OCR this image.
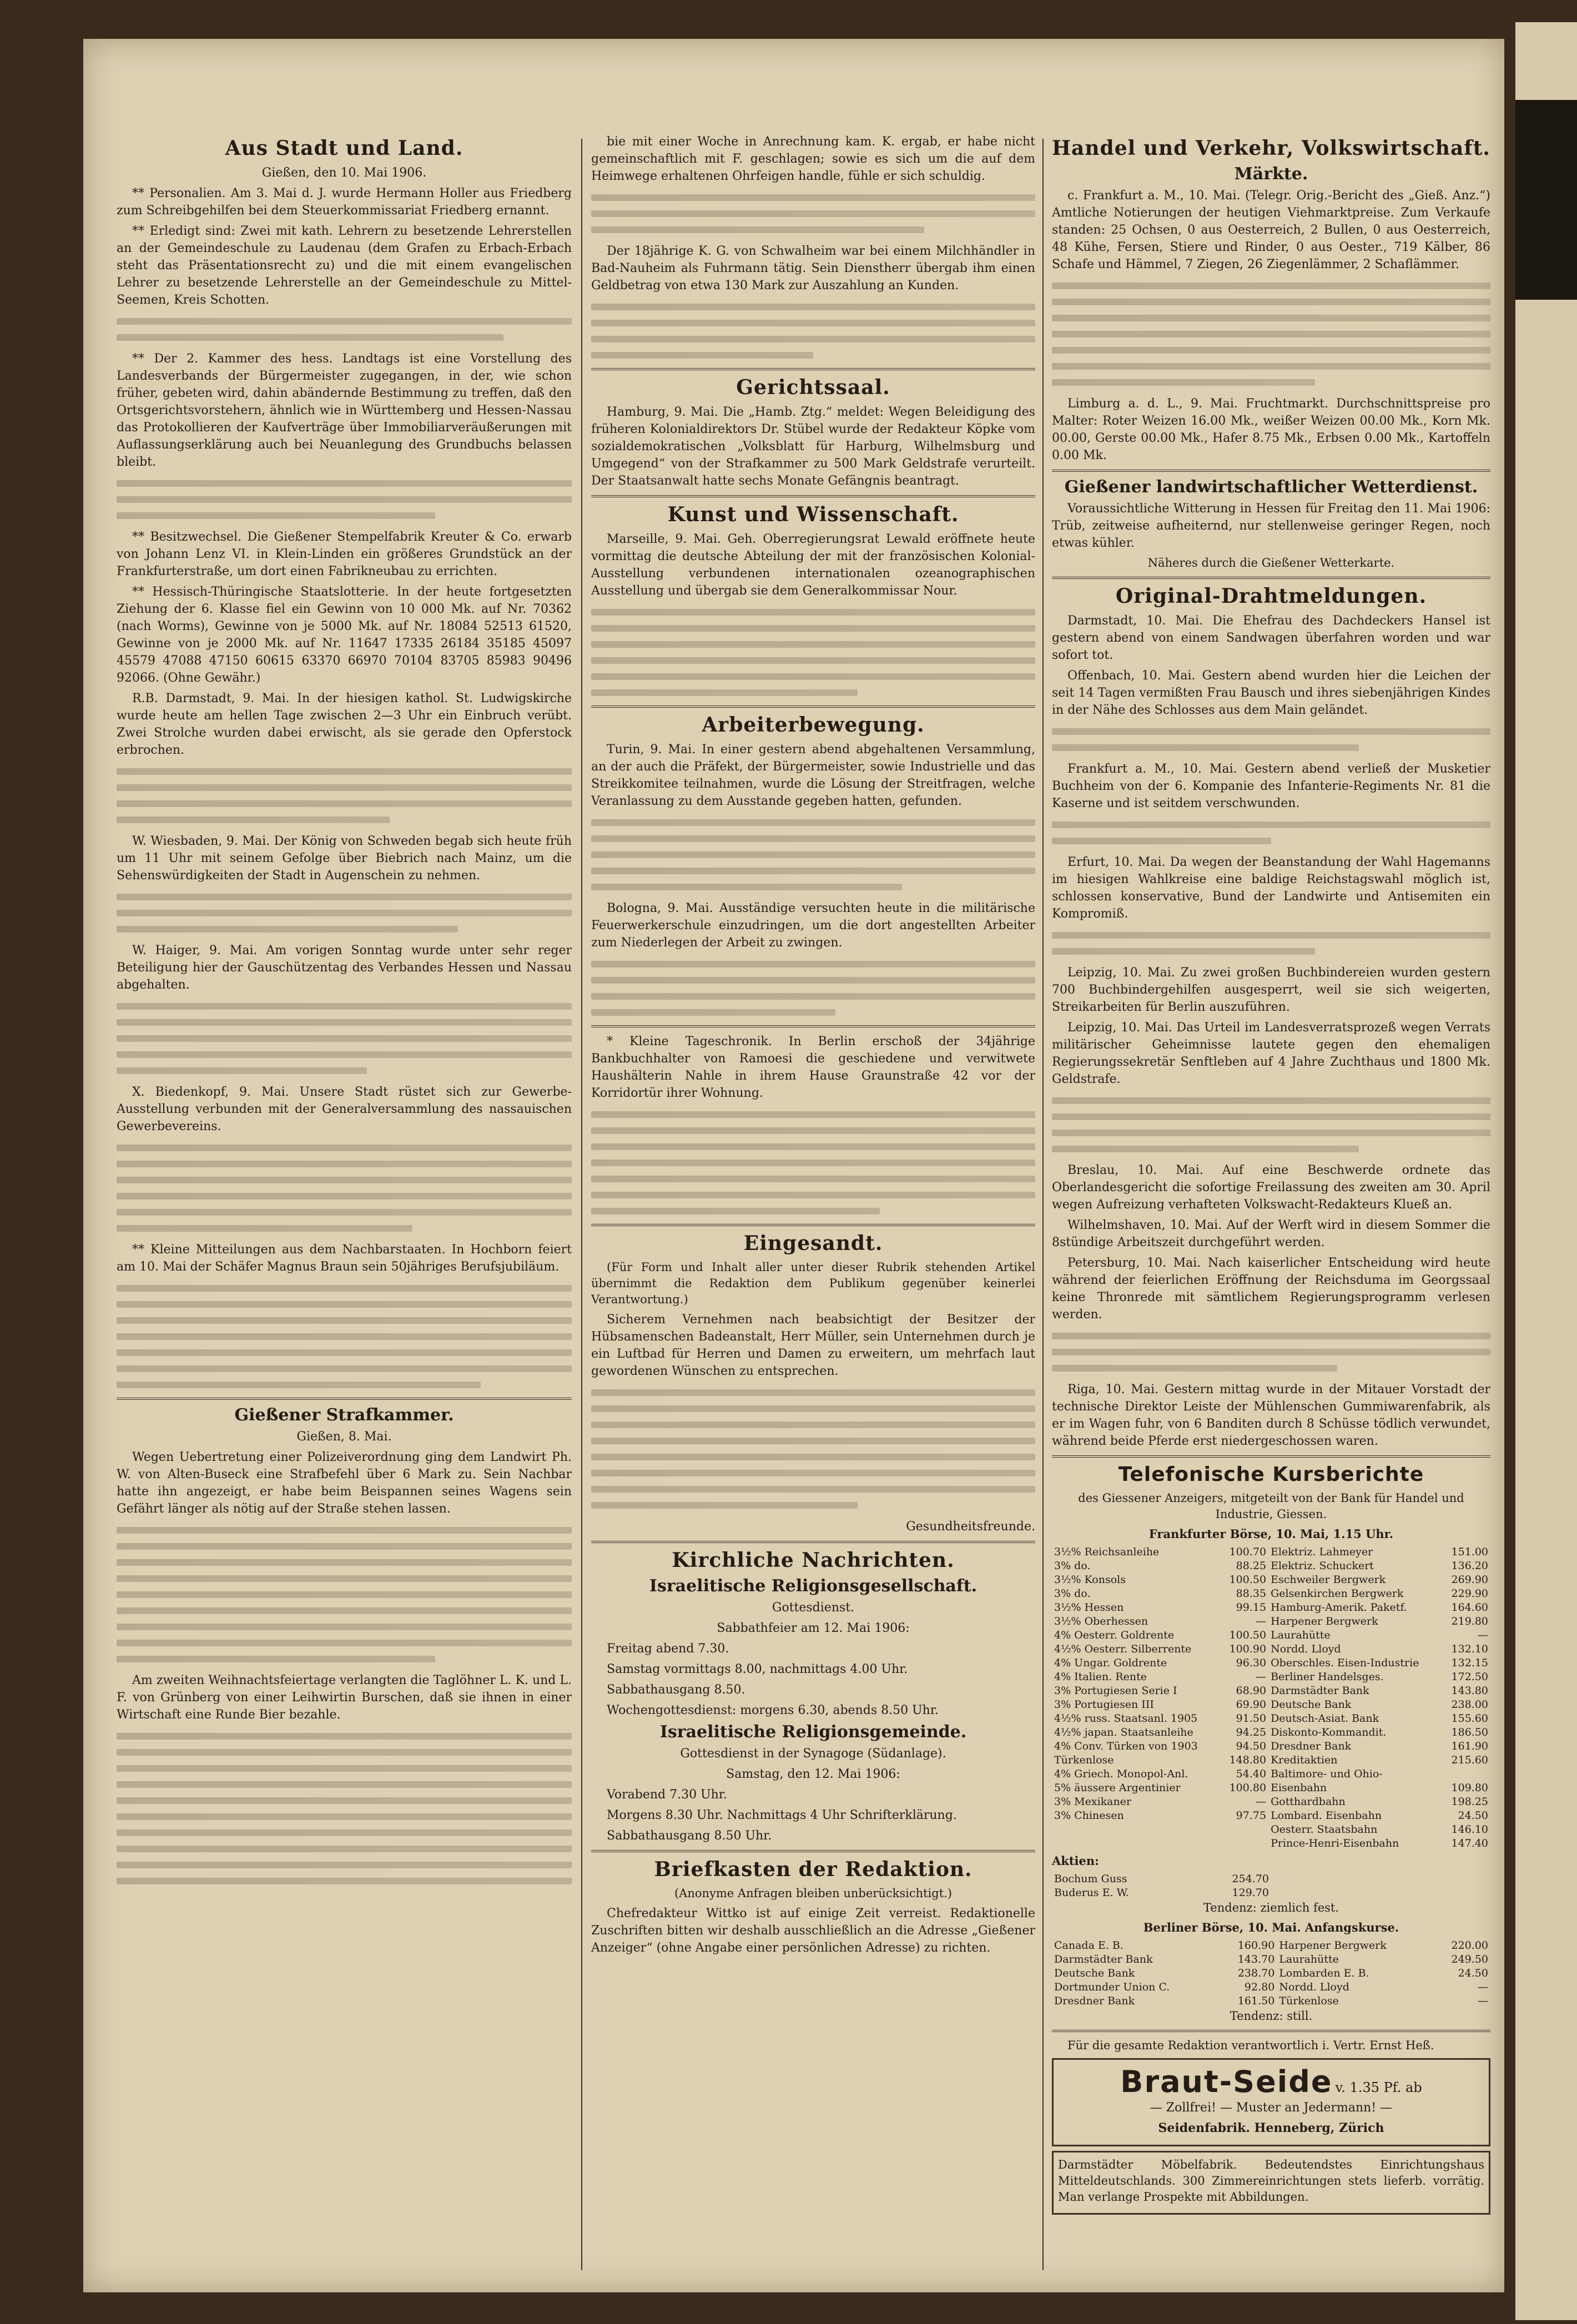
Aus Stadt und Land.

Gießen, den 10. Mai 1906.

** Personalien. Am 3. Mai d. J. wurde Hermann Holler aus Friedberg zum Schreibgehilfen bei dem Steuerkommissariat Friedberg ernannt.

** Erledigt sind: Zwei mit kath. Lehrern zu besetzende Lehrerstellen an der Gemeindeschule zu Laudenau (dem Grafen zu Erbach-Erbach steht das Präsentationsrecht zu) und die mit einem evangelischen Lehrer zu besetzende Lehrerstelle an der Gemeindeschule zu Mittel-Seemen, Kreis Schotten.

** Der 2. Kammer des hess. Landtags ist eine Vorstellung des Landesverbands der Bürgermeister zugegangen, in der, wie schon früher, gebeten wird, dahin abändernde Bestimmung zu treffen, daß den Ortsgerichtsvorstehern, ähnlich wie in Württemberg und Hessen-Nassau das Protokollieren der Kaufverträge über Immobiliarveräußerungen mit Auflassungserklärung auch bei Neuanlegung des Grundbuchs belassen bleibt.

** Besitzwechsel. Die Gießener Stempelfabrik Kreuter & Co. erwarb von Johann Lenz VI. in Klein-Linden ein größeres Grundstück an der Frankfurterstraße, um dort einen Fabrikneubau zu errichten.

** Hessisch-Thüringische Staatslotterie. In der heute fortgesetzten Ziehung der 6. Klasse fiel ein Gewinn von 10 000 Mk. auf Nr. 70362 (nach Worms), Gewinne von je 5000 Mk. auf Nr. 18084 52513 61520, Gewinne von je 2000 Mk. auf Nr. 11647 17335 26184 35185 45097 45579 47088 47150 60615 63370 66970 70104 83705 85983 90496 92066. (Ohne Gewähr.)

R.B. Darmstadt, 9. Mai. In der hiesigen kathol. St. Ludwigskirche wurde heute am hellen Tage zwischen 2—3 Uhr ein Einbruch verübt. Zwei Strolche wurden dabei erwischt, als sie gerade den Opferstock erbrochen.

W. Wiesbaden, 9. Mai. Der König von Schweden begab sich heute früh um 11 Uhr mit seinem Gefolge über Biebrich nach Mainz, um die Sehenswürdigkeiten der Stadt in Augenschein zu nehmen.

W. Haiger, 9. Mai. Am vorigen Sonntag wurde unter sehr reger Beteiligung hier der Gauschützentag des Verbandes Hessen und Nassau abgehalten.

X. Biedenkopf, 9. Mai. Unsere Stadt rüstet sich zur Gewerbe-Ausstellung verbunden mit der Generalversammlung des nassauischen Gewerbevereins.

** Kleine Mitteilungen aus dem Nachbarstaaten. In Hochborn feiert am 10. Mai der Schäfer Magnus Braun sein 50jähriges Berufsjubiläum.

Gießener Strafkammer.

Gießen, 8. Mai.

Wegen Uebertretung einer Polizeiverordnung ging dem Landwirt Ph. W. von Alten-Buseck eine Strafbefehl über 6 Mark zu. Sein Nachbar hatte ihn angezeigt, er habe beim Beispannen seines Wagens sein Gefährt länger als nötig auf der Straße stehen lassen.

Am zweiten Weihnachtsfeiertage verlangten die Taglöhner L. K. und L. F. von Grünberg von einer Leihwirtin Burschen, daß sie ihnen in einer Wirtschaft eine Runde Bier bezahle.

bie mit einer Woche in Anrechnung kam. K. ergab, er habe nicht gemeinschaftlich mit F. geschlagen; sowie es sich um die auf dem Heimwege erhaltenen Ohrfeigen handle, fühle er sich schuldig.

Der 18jährige K. G. von Schwalheim war bei einem Milchhändler in Bad-Nauheim als Fuhrmann tätig. Sein Dienstherr übergab ihm einen Geldbetrag von etwa 130 Mark zur Auszahlung an Kunden.

Gerichtssaal.

Hamburg, 9. Mai. Die „Hamb. Ztg.“ meldet: Wegen Beleidigung des früheren Kolonialdirektors Dr. Stübel wurde der Redakteur Köpke vom sozialdemokratischen „Volksblatt für Harburg, Wilhelmsburg und Umgegend“ von der Strafkammer zu 500 Mark Geldstrafe verurteilt. Der Staatsanwalt hatte sechs Monate Gefängnis beantragt.

Kunst und Wissenschaft.

Marseille, 9. Mai. Geh. Oberregierungsrat Lewald eröffnete heute vormittag die deutsche Abteilung der mit der französischen Kolonial-Ausstellung verbundenen internationalen ozeanographischen Ausstellung und übergab sie dem Generalkommissar Nour.

Arbeiterbewegung.

Turin, 9. Mai. In einer gestern abend abgehaltenen Versammlung, an der auch die Präfekt, der Bürgermeister, sowie Industrielle und das Streikkomitee teilnahmen, wurde die Lösung der Streitfragen, welche Veranlassung zu dem Ausstande gegeben hatten, gefunden.

Bologna, 9. Mai. Ausständige versuchten heute in die militärische Feuerwerkerschule einzudringen, um die dort angestellten Arbeiter zum Niederlegen der Arbeit zu zwingen.

* Kleine Tageschronik. In Berlin erschoß der 34jährige Bankbuchhalter von Ramoesi die geschiedene und verwitwete Haushälterin Nahle in ihrem Hause Graunstraße 42 vor der Korridortür ihrer Wohnung.

Eingesandt.

(Für Form und Inhalt aller unter dieser Rubrik stehenden Artikel übernimmt die Redaktion dem Publikum gegenüber keinerlei Verantwortung.)

Sicherem Vernehmen nach beabsichtigt der Besitzer der Hübsamenschen Badeanstalt, Herr Müller, sein Unternehmen durch je ein Luftbad für Herren und Damen zu erweitern, um mehrfach laut gewordenen Wünschen zu entsprechen.

Gesundheitsfreunde.

Kirchliche Nachrichten.
Israelitische Religionsgesellschaft.

Gottesdienst.

Sabbathfeier am 12. Mai 1906:

Freitag abend 7.30.

Samstag vormittags 8.00, nachmittags 4.00 Uhr.

Sabbathausgang 8.50.

Wochengottesdienst: morgens 6.30, abends 8.50 Uhr.

Israelitische Religionsgemeinde.

Gottesdienst in der Synagoge (Südanlage).

Samstag, den 12. Mai 1906:

Vorabend 7.30 Uhr.

Morgens 8.30 Uhr. Nachmittags 4 Uhr Schrifterklärung.

Sabbathausgang 8.50 Uhr.

Briefkasten der Redaktion.

(Anonyme Anfragen bleiben unberücksichtigt.)

Chefredakteur Wittko ist auf einige Zeit verreist. Redaktionelle Zuschriften bitten wir deshalb ausschließlich an die Adresse „Gießener Anzeiger“ (ohne Angabe einer persönlichen Adresse) zu richten.

Handel und Verkehr, Volkswirtschaft.
Märkte.

c. Frankfurt a. M., 10. Mai. (Telegr. Orig.-Bericht des „Gieß. Anz.“) Amtliche Notierungen der heutigen Viehmarktpreise. Zum Verkaufe standen: 25 Ochsen, 0 aus Oesterreich, 2 Bullen, 0 aus Oesterreich, 48 Kühe, Fersen, Stiere und Rinder, 0 aus Oester., 719 Kälber, 86 Schafe und Hämmel, 7 Ziegen, 26 Ziegenlämmer, 2 Schaflämmer.

Limburg a. d. L., 9. Mai. Fruchtmarkt. Durchschnittspreise pro Malter: Roter Weizen 16.00 Mk., weißer Weizen 00.00 Mk., Korn Mk. 00.00, Gerste 00.00 Mk., Hafer 8.75 Mk., Erbsen 0.00 Mk., Kartoffeln 0.00 Mk.

Gießener landwirtschaftlicher Wetterdienst.

Voraussichtliche Witterung in Hessen für Freitag den 11. Mai 1906: Trüb, zeitweise aufheiternd, nur stellenweise geringer Regen, noch etwas kühler.

Näheres durch die Gießener Wetterkarte.

Original-Drahtmeldungen.

Darmstadt, 10. Mai. Die Ehefrau des Dachdeckers Hansel ist gestern abend von einem Sandwagen überfahren worden und war sofort tot.

Offenbach, 10. Mai. Gestern abend wurden hier die Leichen der seit 14 Tagen vermißten Frau Bausch und ihres siebenjährigen Kindes in der Nähe des Schlosses aus dem Main geländet.

Frankfurt a. M., 10. Mai. Gestern abend verließ der Musketier Buchheim von der 6. Kompanie des Infanterie-Regiments Nr. 81 die Kaserne und ist seitdem verschwunden.

Erfurt, 10. Mai. Da wegen der Beanstandung der Wahl Hagemanns im hiesigen Wahlkreise eine baldige Reichstagswahl möglich ist, schlossen konservative, Bund der Landwirte und Antisemiten ein Kompromiß.

Leipzig, 10. Mai. Zu zwei großen Buchbindereien wurden gestern 700 Buchbindergehilfen ausgesperrt, weil sie sich weigerten, Streikarbeiten für Berlin auszuführen.

Leipzig, 10. Mai. Das Urteil im Landesverratsprozeß wegen Verrats militärischer Geheimnisse lautete gegen den ehemaligen Regierungssekretär Senftleben auf 4 Jahre Zuchthaus und 1800 Mk. Geldstrafe.

Breslau, 10. Mai. Auf eine Beschwerde ordnete das Oberlandesgericht die sofortige Freilassung des zweiten am 30. April wegen Aufreizung verhafteten Volkswacht-Redakteurs Klueß an.

Wilhelmshaven, 10. Mai. Auf der Werft wird in diesem Sommer die 8stündige Arbeitszeit durchgeführt werden.

Petersburg, 10. Mai. Nach kaiserlicher Entscheidung wird heute während der feierlichen Eröffnung der Reichsduma im Georgssaal keine Thronrede mit sämtlichem Regierungsprogramm verlesen werden.

Riga, 10. Mai. Gestern mittag wurde in der Mitauer Vorstadt der technische Direktor Leiste der Mühlenschen Gummiwarenfabrik, als er im Wagen fuhr, von 6 Banditen durch 8 Schüsse tödlich verwundet, während beide Pferde erst niedergeschossen waren.

Telefonische Kursberichte

des Giessener Anzeigers, mitgeteilt von der Bank für Handel und Industrie, Giessen.

Frankfurter Börse, 10. Mai, 1.15 Uhr.

3½% Reichsanleihe	100.70	Elektriz. Lahmeyer	151.00
3% do.	88.25	Elektriz. Schuckert	136.20
3½% Konsols	100.50	Eschweiler Bergwerk	269.90
3% do.	88.35	Gelsenkirchen Bergwerk	229.90
3½% Hessen	99.15	Hamburg-Amerik. Paketf.	164.60
3½% Oberhessen	—	Harpener Bergwerk	219.80
4% Oesterr. Goldrente	100.50	Laurahütte	—
4½% Oesterr. Silberrente	100.90	Nordd. Lloyd	132.10
4% Ungar. Goldrente	96.30	Oberschles. Eisen-Industrie	132.15
4% Italien. Rente	—	Berliner Handelsges.	172.50
3% Portugiesen Serie I	68.90	Darmstädter Bank	143.80
3% Portugiesen III	69.90	Deutsche Bank	238.00
4½% russ. Staatsanl. 1905	91.50	Deutsch-Asiat. Bank	155.60
4½% japan. Staatsanleihe	94.25	Diskonto-Kommandit.	186.50
4% Conv. Türken von 1903	94.50	Dresdner Bank	161.90
Türkenlose	148.80	Kreditaktien	215.60
4% Griech. Monopol-Anl.	54.40	Baltimore- und Ohio-	
5% äussere Argentinier	100.80	Eisenbahn	109.80
3% Mexikaner	—	Gotthardbahn	198.25
3% Chinesen	97.75	Lombard. Eisenbahn	24.50
		Oesterr. Staatsbahn	146.10
		Prince-Henri-Eisenbahn	147.40

Aktien:

Bochum Guss	254.70
Buderus E. W.	129.70

Tendenz: ziemlich fest.

Berliner Börse, 10. Mai. Anfangskurse.

Canada E. B.	160.90	Harpener Bergwerk	220.00
Darmstädter Bank	143.70	Laurahütte	249.50
Deutsche Bank	238.70	Lombarden E. B.	24.50
Dortmunder Union C.	92.80	Nordd. Lloyd	—
Dresdner Bank	161.50	Türkenlose	—

Tendenz: still.

Für die gesamte Redaktion verantwortlich i. Vertr. Ernst Heß.

Braut-Seide v. 1.35 Pf. ab

— Zollfrei! — Muster an Jedermann! —

Seidenfabrik. Henneberg, Zürich

Darmstädter Möbelfabrik. Bedeutendstes Einrichtungshaus Mitteldeutschlands. 300 Zimmereinrichtungen stets lieferb. vorrätig. Man verlange Prospekte mit Abbildungen.
